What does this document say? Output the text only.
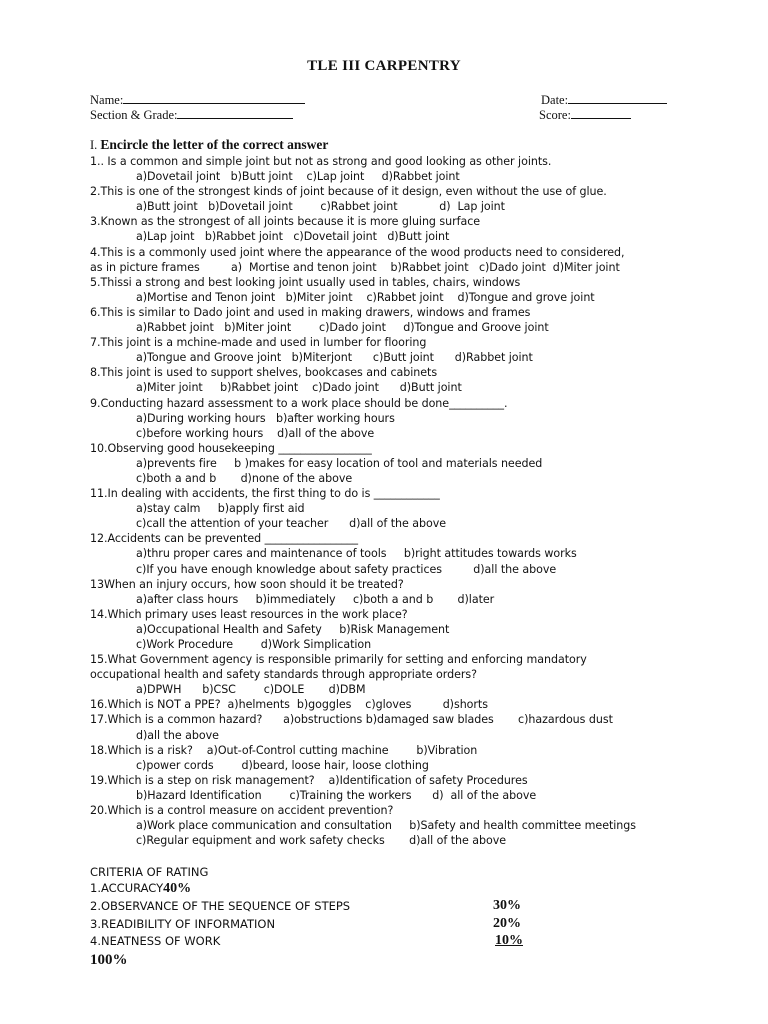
TLE III CARPENTRY
Name:	Date:
Section & Grade:	Score:
I. Encircle the letter of the correct answer
1.. Is a common and simple joint but not as strong and good looking as other joints.
a)Dovetail joint   b)Butt joint    c)Lap joint     d)Rabbet joint
2.This is one of the strongest kinds of joint because of it design, even without the use of glue.
a)Butt joint   b)Dovetail joint        c)Rabbet joint            d)  Lap joint
3.Known as the strongest of all joints because it is more gluing surface
a)Lap joint   b)Rabbet joint   c)Dovetail joint   d)Butt joint
4.This is a commonly used joint where the appearance of the wood products need to considered,
as in picture frames         a)  Mortise and tenon joint    b)Rabbet joint   c)Dado joint  d)Miter joint
5.Thissi a strong and best looking joint usually used in tables, chairs, windows
a)Mortise and Tenon joint   b)Miter joint    c)Rabbet joint    d)Tongue and grove joint
6.This is similar to Dado joint and used in making drawers, windows and frames
a)Rabbet joint   b)Miter joint        c)Dado joint     d)Tongue and Groove joint
7.This joint is a mchine-made and used in lumber for flooring
a)Tongue and Groove joint   b)Miterjont      c)Butt joint      d)Rabbet joint
8.This joint is used to support shelves, bookcases and cabinets
a)Miter joint     b)Rabbet joint    c)Dado joint      d)Butt joint
9.Conducting hazard assessment to a work place should be done__________.
a)During working hours   b)after working hours
c)before working hours    d)all of the above
10.Observing good housekeeping _________________
a)prevents fire     b )makes for easy location of tool and materials needed
c)both a and b       d)none of the above
11.In dealing with accidents, the first thing to do is ____________
a)stay calm     b)apply first aid
c)call the attention of your teacher      d)all of the above
12.Accidents can be prevented _________________
a)thru proper cares and maintenance of tools     b)right attitudes towards works
c)If you have enough knowledge about safety practices         d)all the above
13When an injury occurs, how soon should it be treated?
a)after class hours     b)immediately     c)both a and b       d)later
14.Which primary uses least resources in the work place?
a)Occupational Health and Safety     b)Risk Management
c)Work Procedure        d)Work Simplication
15.What Government agency is responsible primarily for setting and enforcing mandatory
occupational health and safety standards through appropriate orders?
a)DPWH      b)CSC        c)DOLE       d)DBM
16.Which is NOT a PPE?  a)helments  b)goggles    c)gloves         d)shorts
17.Which is a common hazard?      a)obstructions b)damaged saw blades       c)hazardous dust
d)all the above
18.Which is a risk?    a)Out-of-Control cutting machine        b)Vibration
c)power cords        d)beard, loose hair, loose clothing
19.Which is a step on risk management?    a)Identification of safety Procedures
b)Hazard Identification        c)Training the workers      d)  all of the above
20.Which is a control measure on accident prevention?
a)Work place communication and consultation     b)Safety and health committee meetings
c)Regular equipment and work safety checks       d)all of the above
CRITERIA OF RATING
1.ACCURACY40%
2.OBSERVANCE OF THE SEQUENCE OF STEPS	30%
3.READIBILITY OF INFORMATION	20%
4.NEATNESS OF WORK	10%
100%
